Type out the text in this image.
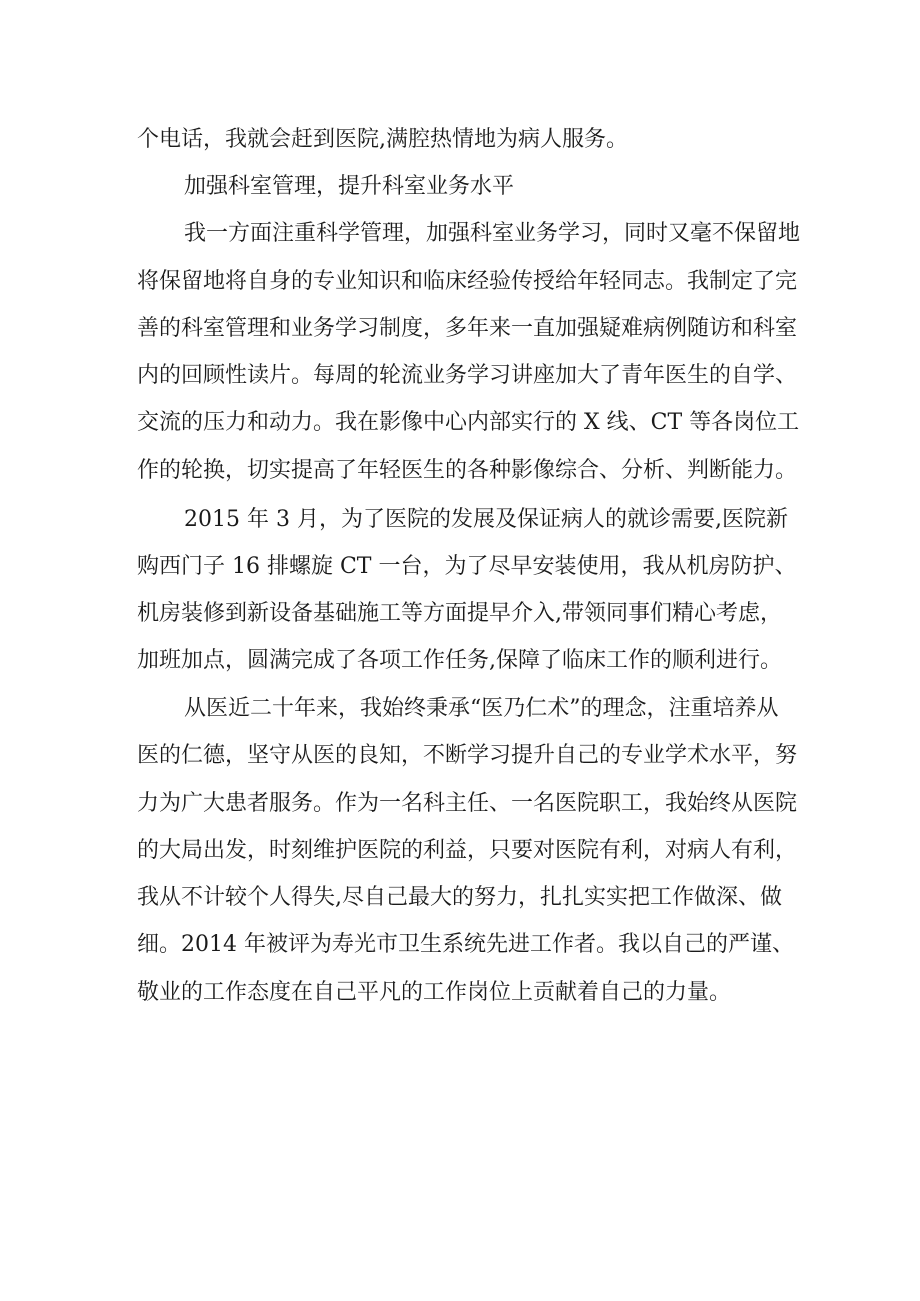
个电话，我就会赶到医院,满腔热情地为病人服务。

加强科室管理，提升科室业务水平

我一方面注重科学管理，加强科室业务学习，同时又毫不保留地

将保留地将自身的专业知识和临床经验传授给年轻同志。我制定了完

善的科室管理和业务学习制度，多年来一直加强疑难病例随访和科室

内的回顾性读片。每周的轮流业务学习讲座加大了青年医生的自学、

交流的压力和动力。我在影像中心内部实行的 X 线、CT 等各岗位工

作的轮换，切实提高了年轻医生的各种影像综合、分析、判断能力。

2015 年 3 月，为了医院的发展及保证病人的就诊需要,医院新

购西门子 16 排螺旋 CT 一台，为了尽早安装使用，我从机房防护、

机房装修到新设备基础施工等方面提早介入,带领同事们精心考虑，

加班加点，圆满完成了各项工作任务,保障了临床工作的顺利进行。

从医近二十年来，我始终秉承“医乃仁术”的理念，注重培养从

医的仁德，坚守从医的良知，不断学习提升自己的专业学术水平，努

力为广大患者服务。作为一名科主任、一名医院职工，我始终从医院

的大局出发，时刻维护医院的利益，只要对医院有利，对病人有利，

我从不计较个人得失,尽自己最大的努力，扎扎实实把工作做深、做

细。2014 年被评为寿光市卫生系统先进工作者。我以自己的严谨、

敬业的工作态度在自己平凡的工作岗位上贡献着自己的力量。
